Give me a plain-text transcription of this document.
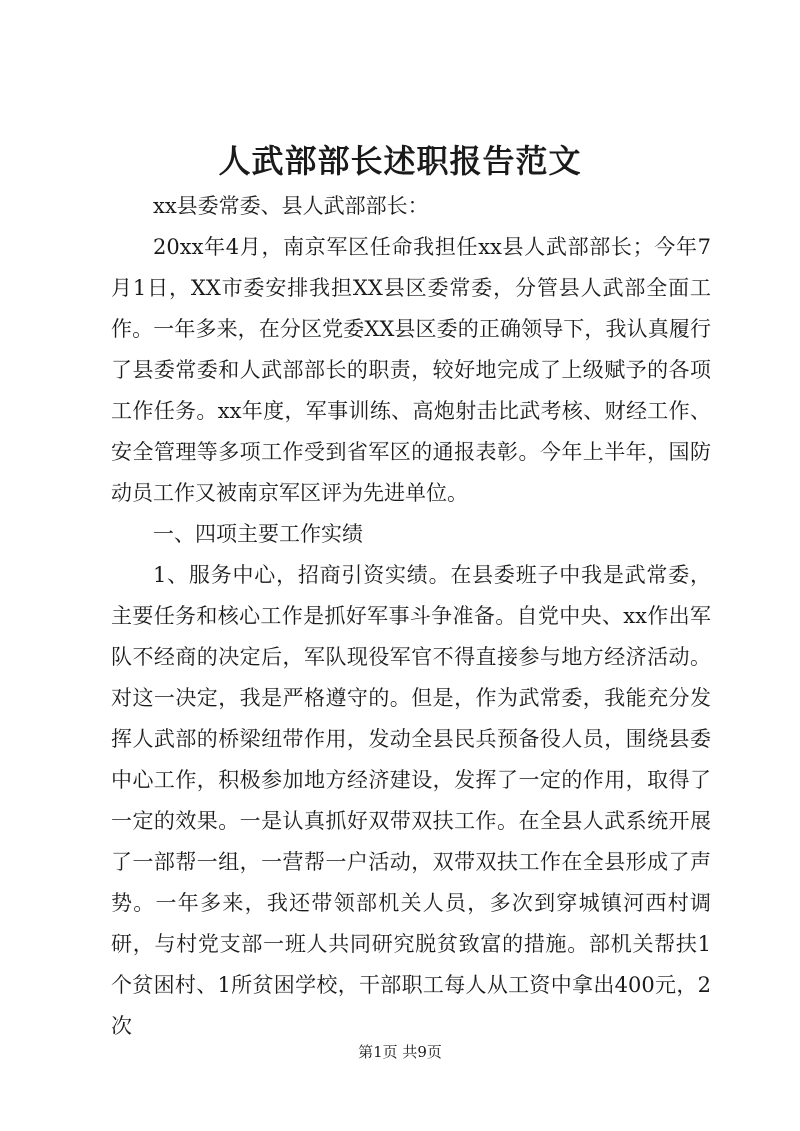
人武部部长述职报告范文

xx县委常委、县人武部部长：

20xx年4月，南京军区任命我担任xx县人武部部长；今年7月1日，XX市委安排我担XX县区委常委，分管县人武部全面工作。一年多来，在分区党委XX县区委的正确领导下，我认真履行了县委常委和人武部部长的职责，较好地完成了上级赋予的各项工作任务。xx年度，军事训练、高炮射击比武考核、财经工作、安全管理等多项工作受到省军区的通报表彰。今年上半年，国防动员工作又被南京军区评为先进单位。

一、四项主要工作实绩

1、服务中心，招商引资实绩。在县委班子中我是武常委，主要任务和核心工作是抓好军事斗争准备。自党中央、xx作出军队不经商的决定后，军队现役军官不得直接参与地方经济活动。对这一决定，我是严格遵守的。但是，作为武常委，我能充分发挥人武部的桥梁纽带作用，发动全县民兵预备役人员，围绕县委中心工作，积极参加地方经济建设，发挥了一定的作用，取得了一定的效果。一是认真抓好双带双扶工作。在全县人武系统开展了一部帮一组，一营帮一户活动，双带双扶工作在全县形成了声势。一年多来，我还带领部机关人员，多次到穿城镇河西村调研，与村党支部一班人共同研究脱贫致富的措施。部机关帮扶1个贫困村、1所贫困学校，干部职工每人从工资中拿出400元，2次

第1页 共9页
